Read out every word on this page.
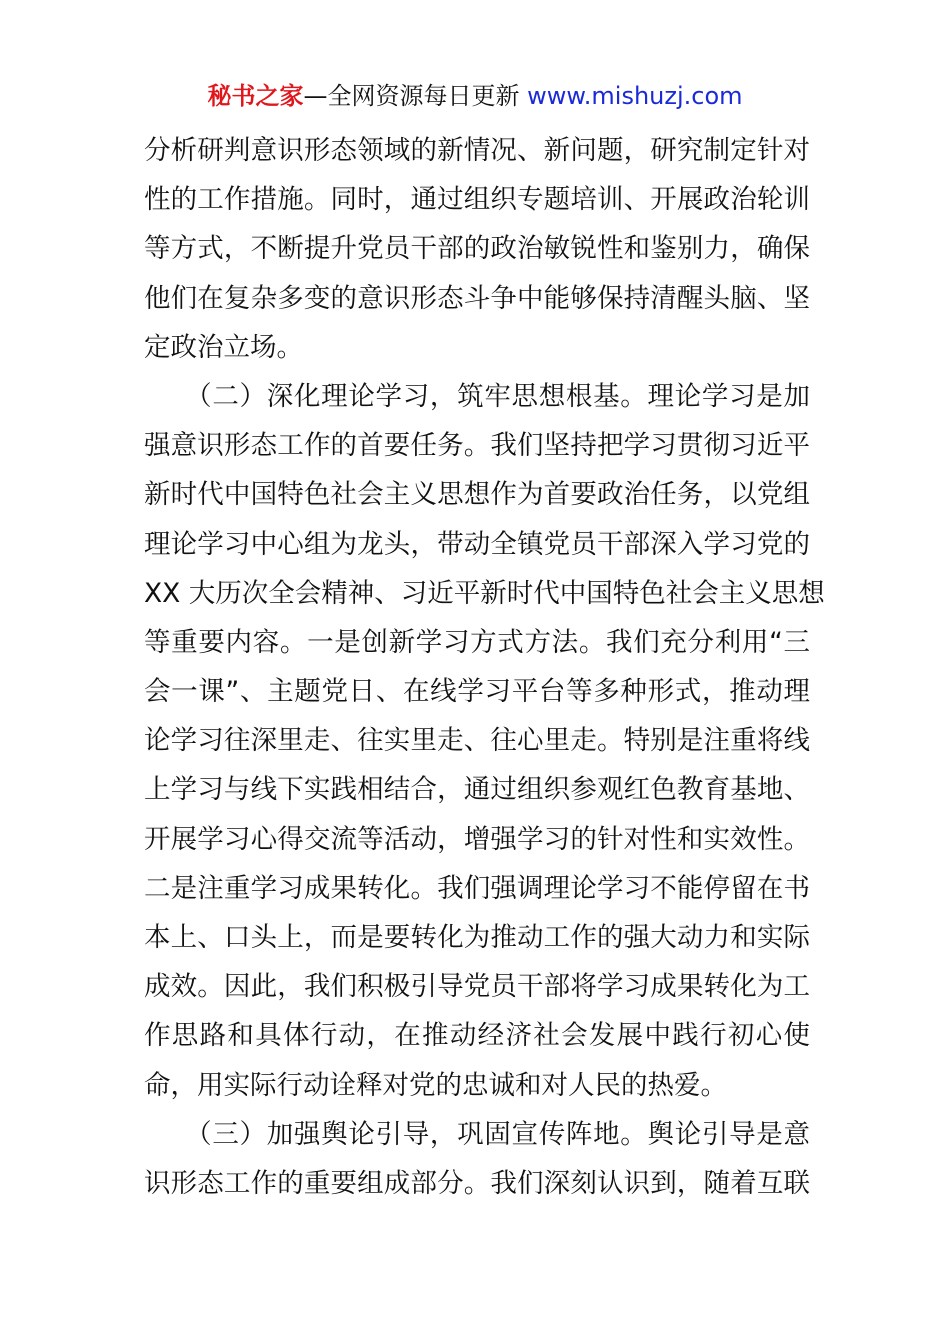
秘书之家—全网资源每日更新 www.mishuzj.com
分析研判意识形态领域的新情况、新问题，研究制定针对
性的工作措施。同时，通过组织专题培训、开展政治轮训
等方式，不断提升党员干部的政治敏锐性和鉴别力，确保
他们在复杂多变的意识形态斗争中能够保持清醒头脑、坚
定政治立场。
　　（二）深化理论学习，筑牢思想根基。理论学习是加
强意识形态工作的首要任务。我们坚持把学习贯彻习近平
新时代中国特色社会主义思想作为首要政治任务，以党组
理论学习中心组为龙头，带动全镇党员干部深入学习党的
XX 大历次全会精神、习近平新时代中国特色社会主义思想
等重要内容。一是创新学习方式方法。我们充分利用“三
会一课”、主题党日、在线学习平台等多种形式，推动理
论学习往深里走、往实里走、往心里走。特别是注重将线
上学习与线下实践相结合，通过组织参观红色教育基地、
开展学习心得交流等活动，增强学习的针对性和实效性。
二是注重学习成果转化。我们强调理论学习不能停留在书
本上、口头上，而是要转化为推动工作的强大动力和实际
成效。因此，我们积极引导党员干部将学习成果转化为工
作思路和具体行动，在推动经济社会发展中践行初心使
命，用实际行动诠释对党的忠诚和对人民的热爱。
　　（三）加强舆论引导，巩固宣传阵地。舆论引导是意
识形态工作的重要组成部分。我们深刻认识到，随着互联
